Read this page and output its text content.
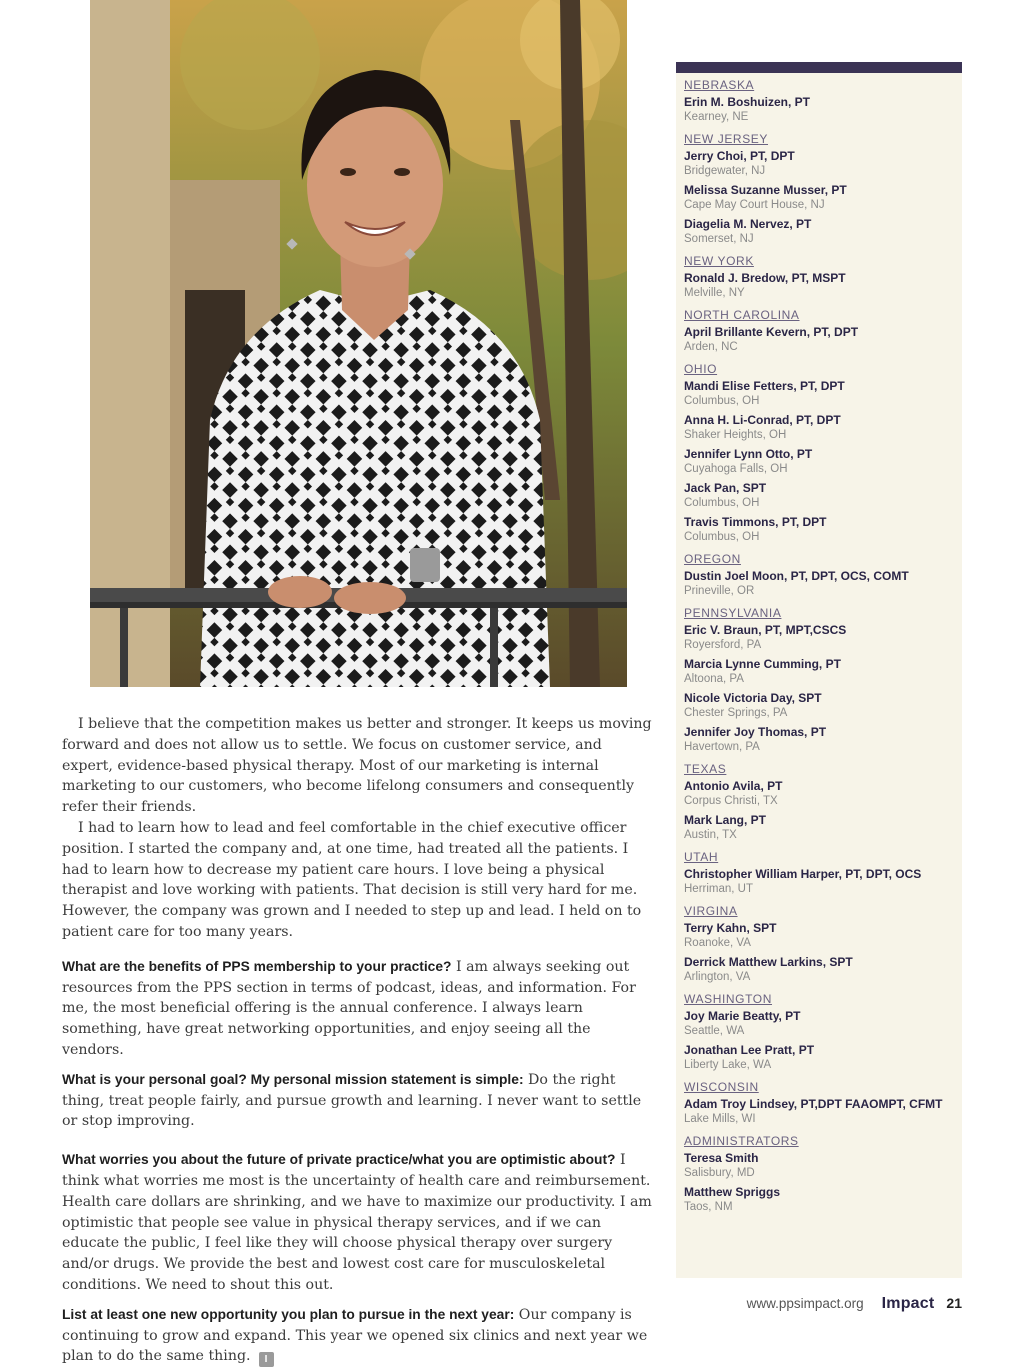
I believe that the competition makes us better and stronger. It keeps us moving forward and does not allow us to settle. We focus on customer service, and expert, evidence-based physical therapy. Most of our marketing is internal marketing to our customers, who become lifelong consumers and consequently refer their friends.

I had to learn how to lead and feel comfortable in the chief executive officer position. I started the company and, at one time, had treated all the patients. I had to learn how to decrease my patient care hours. I love being a physical therapist and love working with patients. That decision is still very hard for me. However, the company was grown and I needed to step up and lead. I held on to patient care for too many years.

What are the benefits of PPS membership to your practice? I am always seeking out resources from the PPS section in terms of podcast, ideas, and information. For me, the most beneficial offering is the annual conference. I always learn something, have great networking opportunities, and enjoy seeing all the vendors.

What is your personal goal? My personal mission statement is simple: Do the right thing, treat people fairly, and pursue growth and learning. I never want to settle or stop improving.

What worries you about the future of private practice/what you are optimistic about? I think what worries me most is the uncertainty of health care and reimbursement. Health care dollars are shrinking, and we have to maximize our productivity. I am optimistic that people see value in physical therapy services, and if we can educate the public, I feel like they will choose physical therapy over surgery and/or drugs. We provide the best and lowest cost care for musculoskeletal conditions. We need to shout this out.

List at least one new opportunity you plan to pursue in the next year: Our company is continuing to grow and expand. This year we opened six clinics and next year we plan to do the same thing. I

NEBRASKA
Erin M. Boshuizen, PT
Kearney, NE
NEW JERSEY
Jerry Choi, PT, DPT
Bridgewater, NJ
Melissa Suzanne Musser, PT
Cape May Court House, NJ
Diagelia M. Nervez, PT
Somerset, NJ
NEW YORK
Ronald J. Bredow, PT, MSPT
Melville, NY
NORTH CAROLINA
April Brillante Kevern, PT, DPT
Arden, NC
OHIO
Mandi Elise Fetters, PT, DPT
Columbus, OH
Anna H. Li-Conrad, PT, DPT
Shaker Heights, OH
Jennifer Lynn Otto, PT
Cuyahoga Falls, OH
Jack Pan, SPT
Columbus, OH
Travis Timmons, PT, DPT
Columbus, OH
OREGON
Dustin Joel Moon, PT, DPT, OCS, COMT
Prineville, OR
PENNSYLVANIA
Eric V. Braun, PT, MPT,CSCS
Royersford, PA
Marcia Lynne Cumming, PT
Altoona, PA
Nicole Victoria Day, SPT
Chester Springs, PA
Jennifer Joy Thomas, PT
Havertown, PA
TEXAS
Antonio Avila, PT
Corpus Christi, TX
Mark Lang, PT
Austin, TX
UTAH
Christopher William Harper, PT, DPT, OCS
Herriman, UT
VIRGINA
Terry Kahn, SPT
Roanoke, VA
Derrick Matthew Larkins, SPT
Arlington, VA
WASHINGTON
Joy Marie Beatty, PT
Seattle, WA
Jonathan Lee Pratt, PT
Liberty Lake, WA
WISCONSIN
Adam Troy Lindsey, PT,DPT FAAOMPT, CFMT
Lake Mills, WI
ADMINISTRATORS
Teresa Smith
Salisbury, MD
Matthew Spriggs
Taos, NM
www.ppsimpact.org Impact 21
